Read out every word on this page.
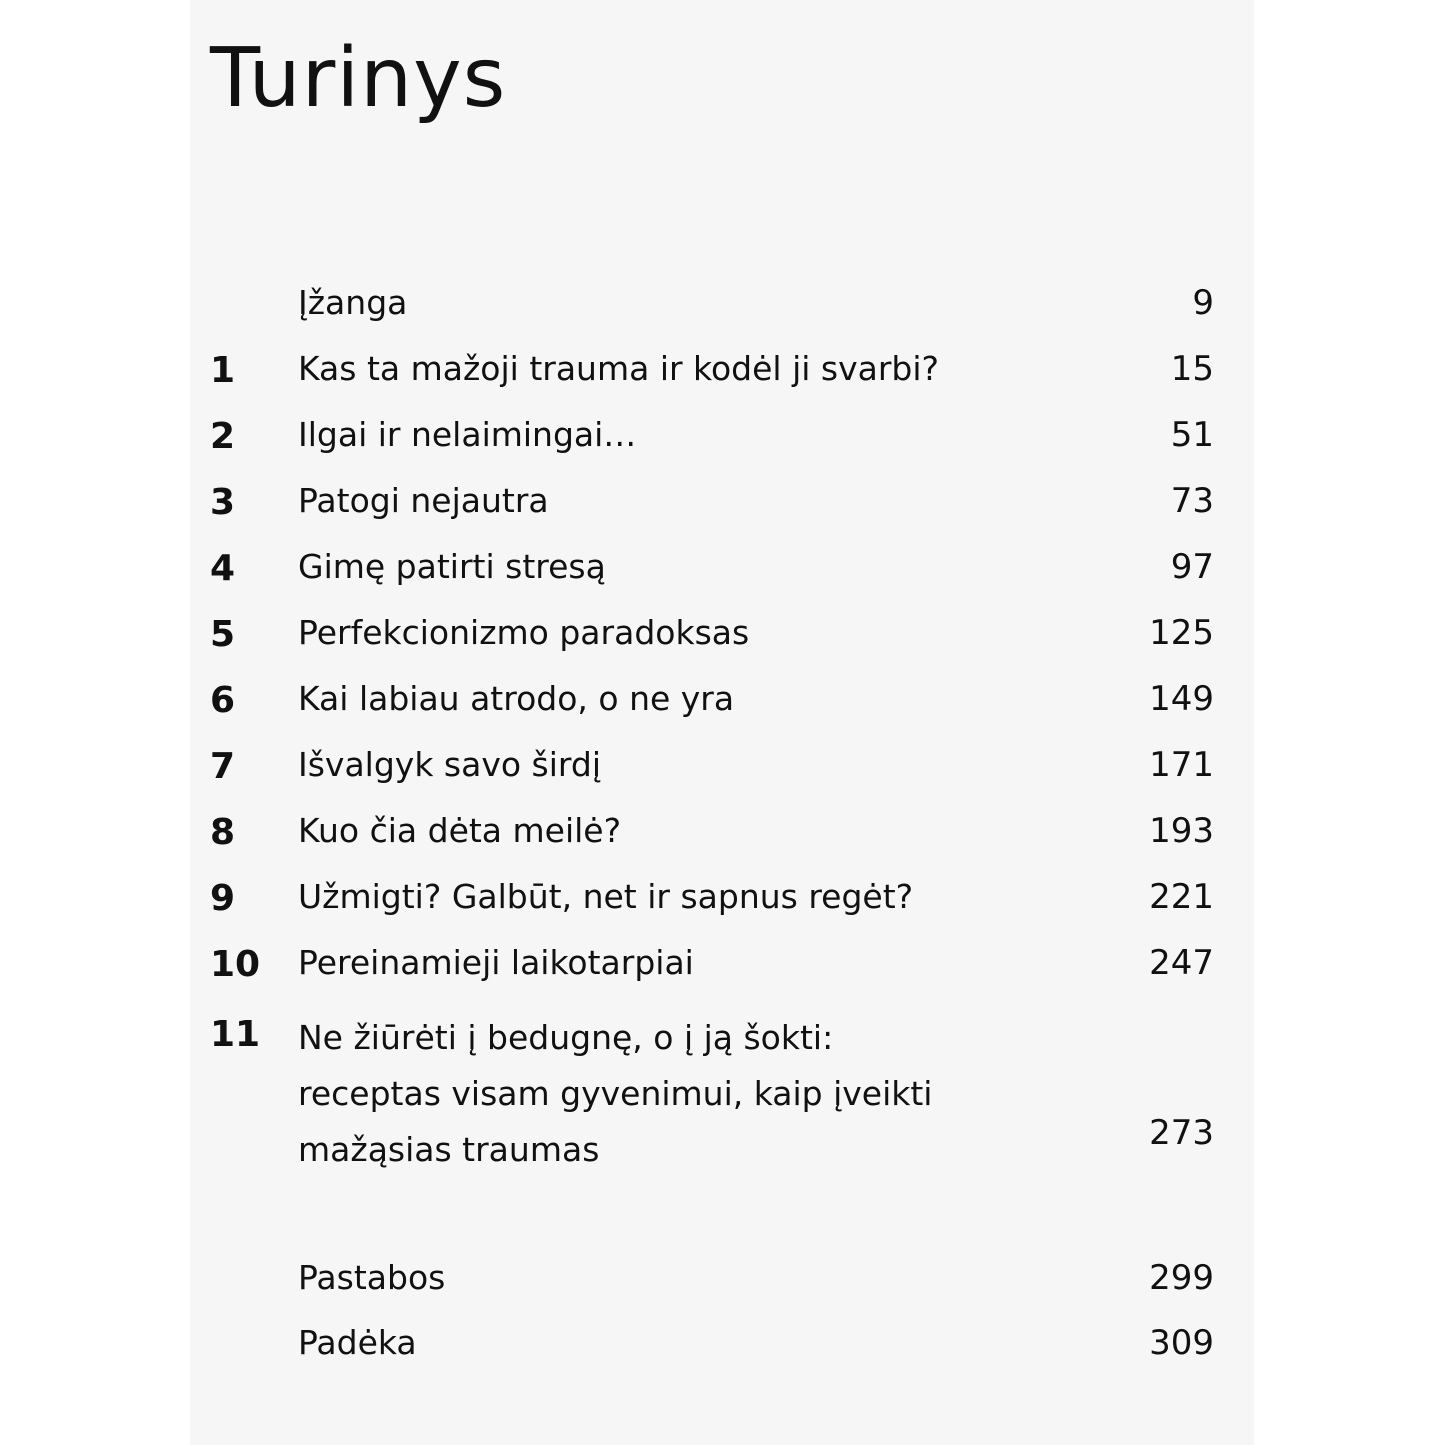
Turinys
Įžanga	9
1 Kas ta mažoji trauma ir kodėl ji svarbi?	15
2 Ilgai ir nelaimingai…	51
3 Patogi nejautra	73
4 Gimę patirti stresą	97
5 Perfekcionizmo paradoksas	125
6 Kai labiau atrodo, o ne yra	149
7 Išvalgyk savo širdį	171
8 Kuo čia dėta meilė?	193
9 Užmigti? Galbūt, net ir sapnus regėt?	221
10 Pereinamieji laikotarpiai	247
11 Ne žiūrėti į bedugnę, o į ją šokti:
receptas visam gyvenimui, kaip įveikti
mažąsias traumas	273
Pastabos	299
Padėka	309
